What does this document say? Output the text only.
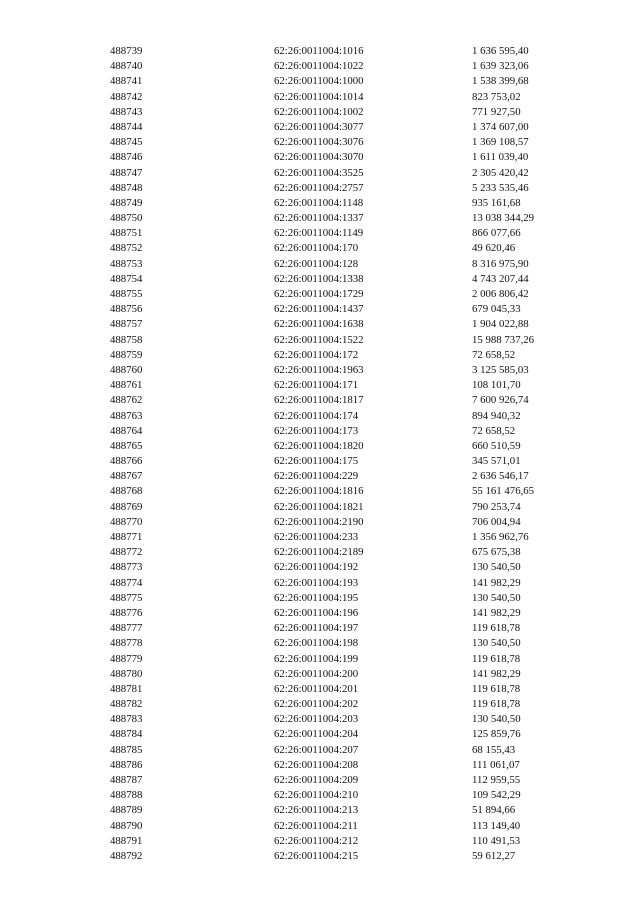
488739	62:26:0011004:1016	1 636 595,40
488740	62:26:0011004:1022	1 639 323,06
488741	62:26:0011004:1000	1 538 399,68
488742	62:26:0011004:1014	823 753,02
488743	62:26:0011004:1002	771 927,50
488744	62:26:0011004:3077	1 374 607,00
488745	62:26:0011004:3076	1 369 108,57
488746	62:26:0011004:3070	1 611 039,40
488747	62:26:0011004:3525	2 305 420,42
488748	62:26:0011004:2757	5 233 535,46
488749	62:26:0011004:1148	935 161,68
488750	62:26:0011004:1337	13 038 344,29
488751	62:26:0011004:1149	866 077,66
488752	62:26:0011004:170	49 620,46
488753	62:26:0011004:128	8 316 975,90
488754	62:26:0011004:1338	4 743 207,44
488755	62:26:0011004:1729	2 006 806,42
488756	62:26:0011004:1437	679 045,33
488757	62:26:0011004:1638	1 904 022,88
488758	62:26:0011004:1522	15 988 737,26
488759	62:26:0011004:172	72 658,52
488760	62:26:0011004:1963	3 125 585,03
488761	62:26:0011004:171	108 101,70
488762	62:26:0011004:1817	7 600 926,74
488763	62:26:0011004:174	894 940,32
488764	62:26:0011004:173	72 658,52
488765	62:26:0011004:1820	660 510,59
488766	62:26:0011004:175	345 571,01
488767	62:26:0011004:229	2 636 546,17
488768	62:26:0011004:1816	55 161 476,65
488769	62:26:0011004:1821	790 253,74
488770	62:26:0011004:2190	706 004,94
488771	62:26:0011004:233	1 356 962,76
488772	62:26:0011004:2189	675 675,38
488773	62:26:0011004:192	130 540,50
488774	62:26:0011004:193	141 982,29
488775	62:26:0011004:195	130 540,50
488776	62:26:0011004:196	141 982,29
488777	62:26:0011004:197	119 618,78
488778	62:26:0011004:198	130 540,50
488779	62:26:0011004:199	119 618,78
488780	62:26:0011004:200	141 982,29
488781	62:26:0011004:201	119 618,78
488782	62:26:0011004:202	119 618,78
488783	62:26:0011004:203	130 540,50
488784	62:26:0011004:204	125 859,76
488785	62:26:0011004:207	68 155,43
488786	62:26:0011004:208	111 061,07
488787	62:26:0011004:209	112 959,55
488788	62:26:0011004:210	109 542,29
488789	62:26:0011004:213	51 894,66
488790	62:26:0011004:211	113 149,40
488791	62:26:0011004:212	110 491,53
488792	62:26:0011004:215	59 612,27
